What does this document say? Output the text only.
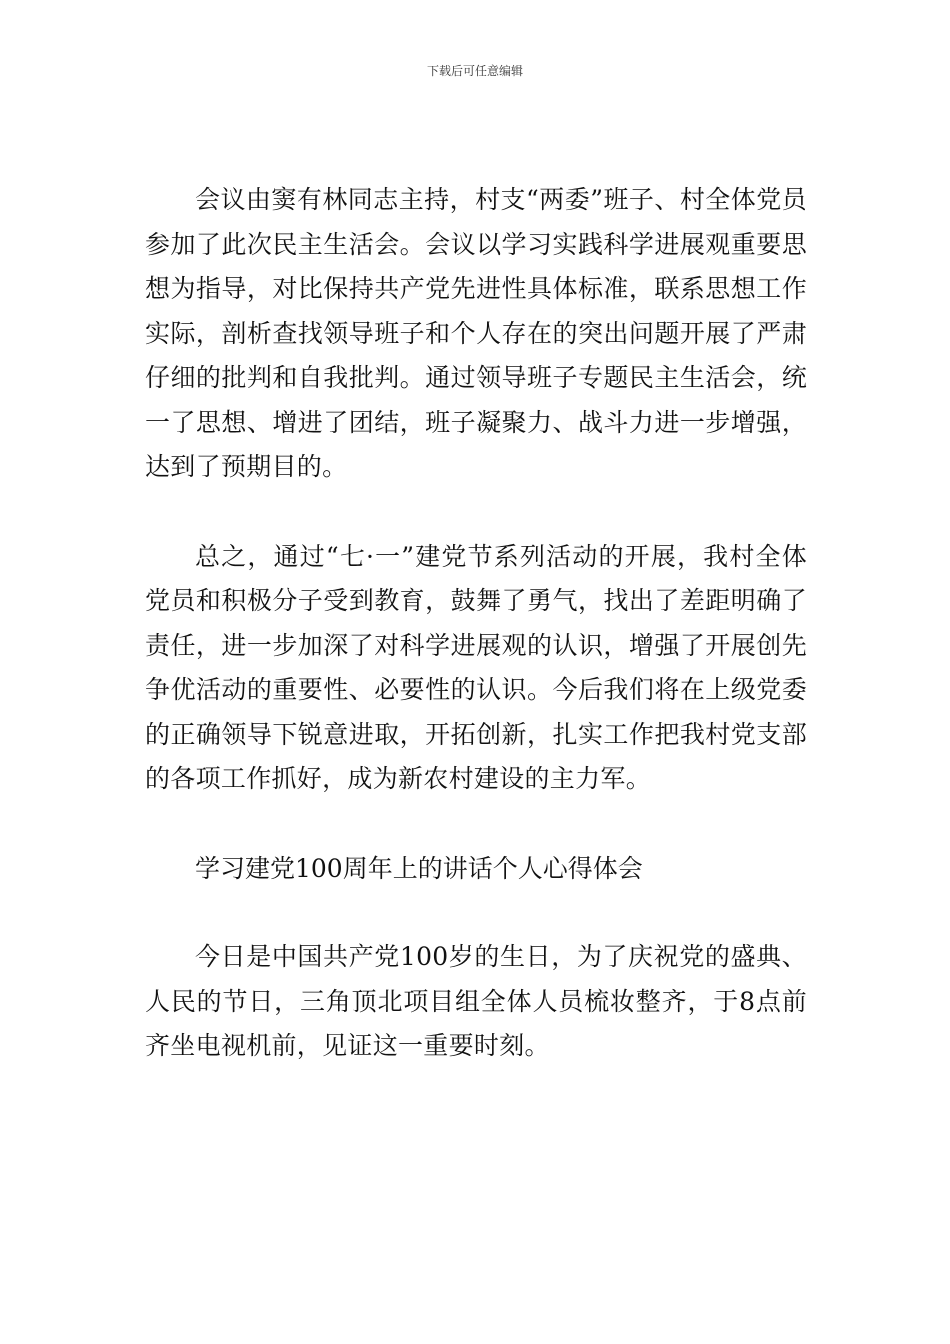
下载后可任意编辑

会议由窦有林同志主持，村支“两委”班子、村全体党员参加了此次民主生活会。会议以学习实践科学进展观重要思想为指导，对比保持共产党先进性具体标准，联系思想工作实际，剖析查找领导班子和个人存在的突出问题开展了严肃仔细的批判和自我批判。通过领导班子专题民主生活会，统一了思想、增进了团结，班子凝聚力、战斗力进一步增强，达到了预期目的。

总之，通过“七·一”建党节系列活动的开展，我村全体党员和积极分子受到教育，鼓舞了勇气，找出了差距明确了责任，进一步加深了对科学进展观的认识，增强了开展创先争优活动的重要性、必要性的认识。今后我们将在上级党委的正确领导下锐意进取，开拓创新，扎实工作把我村党支部的各项工作抓好，成为新农村建设的主力军。

学习建党100周年上的讲话个人心得体会

今日是中国共产党100岁的生日，为了庆祝党的盛典、人民的节日，三角顶北项目组全体人员梳妆整齐，于8点前齐坐电视机前，见证这一重要时刻。
